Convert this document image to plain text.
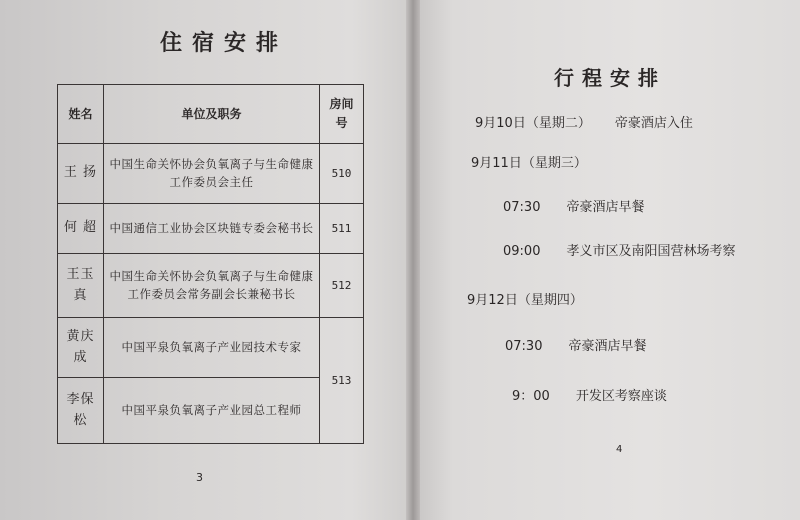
住宿安排
姓名	单位及职务	房间号
王 扬	中国生命关怀协会负氧离子与生命健康工作委员会主任	510
何 超	中国通信工业协会区块链专委会秘书长	511
王玉真	中国生命关怀协会负氧离子与生命健康工作委员会常务副会长兼秘书长	512
黄庆成	中国平泉负氧离子产业园技术专家	513
李保松	中国平泉负氧离子产业园总工程师	
3
行程安排
9月10日（星期二） 帝豪酒店入住
9月11日（星期三）
07:30 帝豪酒店早餐
09:00 孝义市区及南阳国营林场考察
9月12日（星期四）
07:30 帝豪酒店早餐
9：00 开发区考察座谈
4
